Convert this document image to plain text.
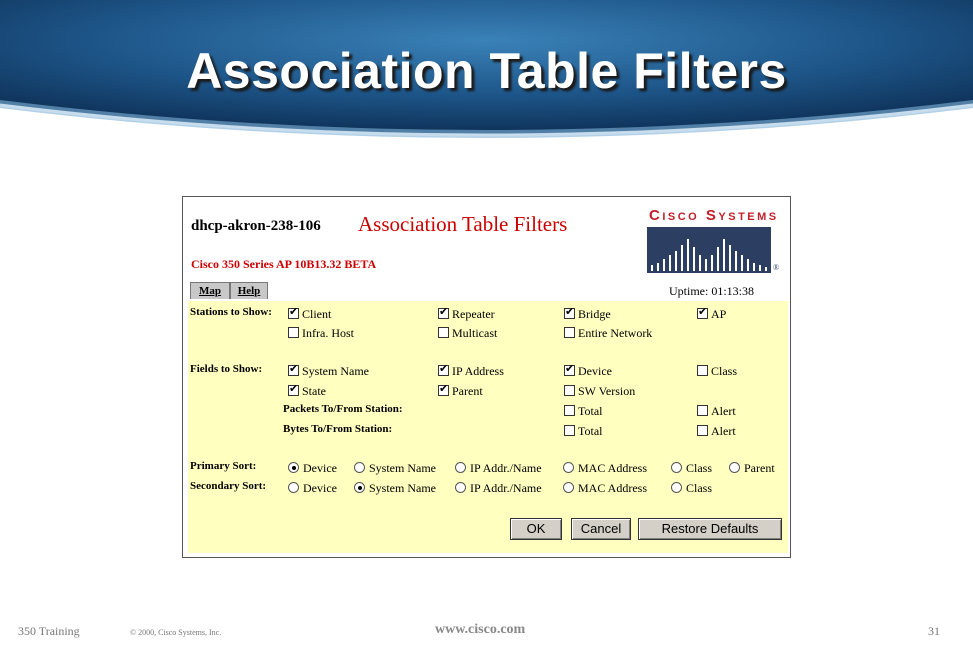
Association Table Filters
dhcp-akron-238-106 Association Table Filters
Cisco 350 Series AP 10B13.32 BETA
Cisco Systems
®
Map	Help	Uptime: 01:13:38
Stations to Show: ✔	Client ✔	Repeater ✔	Bridge ✔	AP
Infra. Host	Multicast	Entire Network
Fields to Show: ✔	System Name ✔	IP Address ✔	Device	Class
✔State ✔	Parent	SW Version
Packets To/From Station:	Total	Alert
Bytes To/From Station:	Total	Alert
Primary Sort:	Device	System Name	IP Addr./Name	MAC Address	Class	Parent
Secondary Sort:	Device	System Name	IP Addr./Name	MAC Address	Class
OK	Cancel	Restore Defaults
350 Training	© 2000, Cisco Systems, Inc.	www.cisco.com	31
